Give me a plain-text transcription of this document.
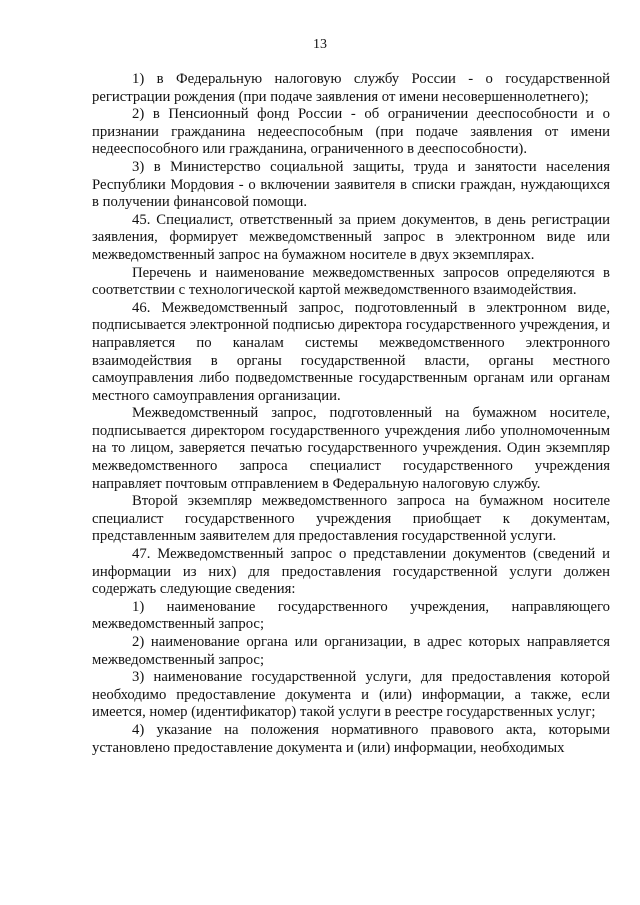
13

1) в Федеральную налоговую службу России - о государственной регистрации рождения (при подаче заявления от имени несовершеннолетнего);

2) в Пенсионный фонд России - об ограничении дееспособности и о признании гражданина недееспособным (при подаче заявления от имени недееспособного или гражданина, ограниченного в дееспособности).

3) в Министерство социальной защиты, труда и занятости населения Республики Мордовия - о включении заявителя в списки граждан, нуждающихся в получении финансовой помощи.

45. Специалист, ответственный за прием документов, в день регистрации заявления, формирует межведомственный запрос в электронном виде или межведомственный запрос на бумажном носителе в двух экземплярах.

Перечень и наименование межведомственных запросов определяются в соответствии с технологической картой межведомственного взаимодействия.

46. Межведомственный запрос, подготовленный в электронном виде, подписывается электронной подписью директора государственного учреждения, и направляется по каналам системы межведомственного электронного взаимодействия в органы государственной власти, органы местного самоуправления либо подведомственные государственным органам или органам местного самоуправления организации.

Межведомственный запрос, подготовленный на бумажном носителе, подписывается директором государственного учреждения либо уполномоченным на то лицом, заверяется печатью государственного учреждения. Один экземпляр межведомственного запроса специалист государственного учреждения направляет почтовым отправлением в Федеральную налоговую службу.

Второй экземпляр межведомственного запроса на бумажном носителе специалист государственного учреждения приобщает к документам, представленным заявителем для предоставления государственной услуги.

47. Межведомственный запрос о представлении документов (сведений и информации из них) для предоставления государственной услуги должен содержать следующие сведения:

1) наименование государственного учреждения, направляющего межведомственный запрос;

2) наименование органа или организации, в адрес которых направляется межведомственный запрос;

3) наименование государственной услуги, для предоставления которой необходимо предоставление документа и (или) информации, а также, если имеется, номер (идентификатор) такой услуги в реестре государственных услуг;

4) указание на положения нормативного правового акта, которыми установлено предоставление документа и (или) информации, необходимых
